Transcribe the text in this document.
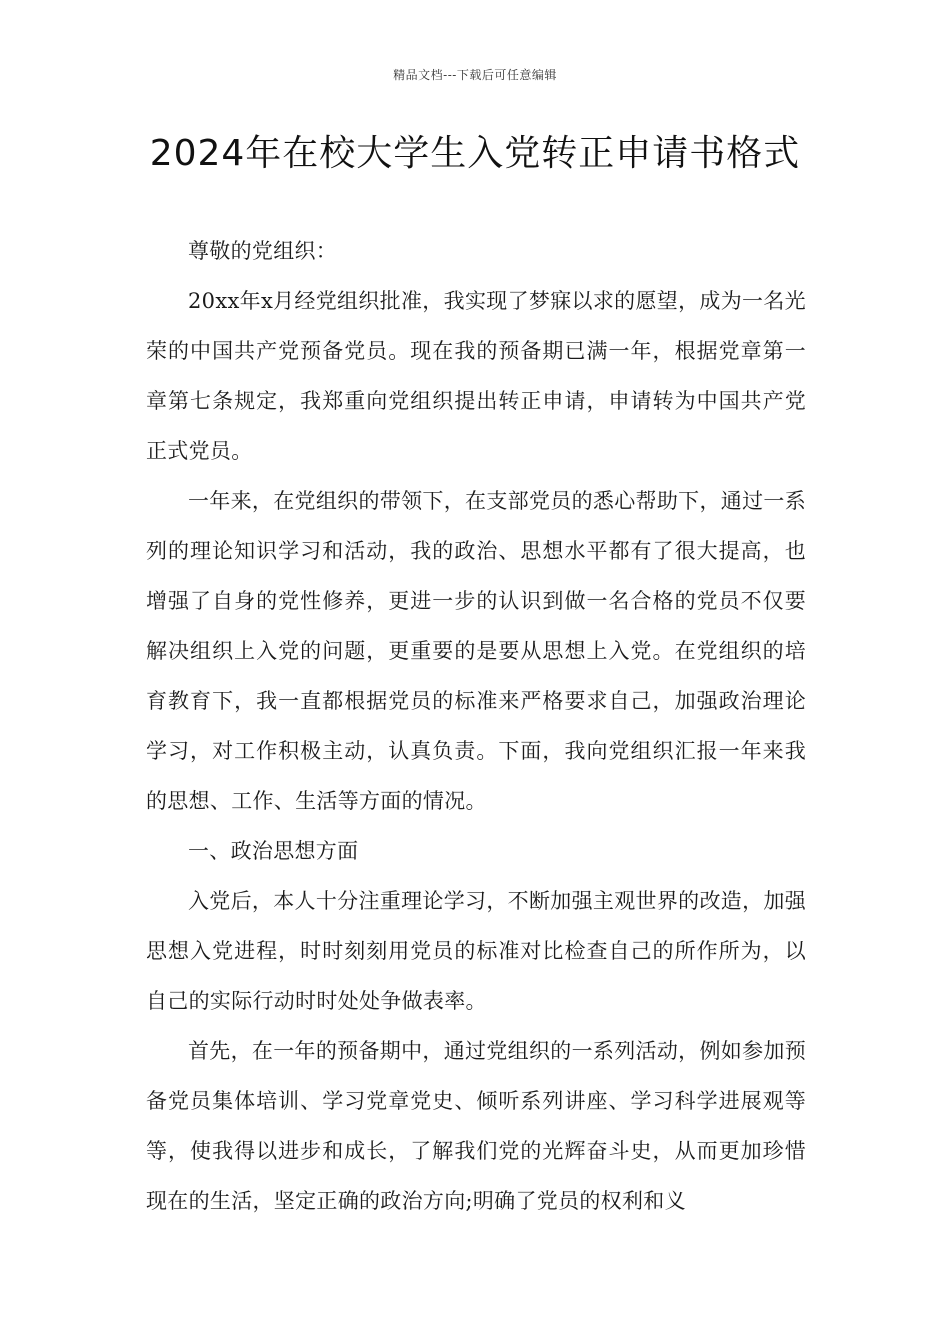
精品文档---下载后可任意编辑
2024年在校大学生入党转正申请书格式

尊敬的党组织：

20xx年x月经党组织批准，我实现了梦寐以求的愿望，成为一名光荣的中国共产党预备党员。现在我的预备期已满一年，根据党章第一章第七条规定，我郑重向党组织提出转正申请，申请转为中国共产党正式党员。

一年来，在党组织的带领下，在支部党员的悉心帮助下，通过一系列的理论知识学习和活动，我的政治、思想水平都有了很大提高，也增强了自身的党性修养，更进一步的认识到做一名合格的党员不仅要解决组织上入党的问题，更重要的是要从思想上入党。在党组织的培育教育下，我一直都根据党员的标准来严格要求自己，加强政治理论学习，对工作积极主动，认真负责。下面，我向党组织汇报一年来我的思想、工作、生活等方面的情况。

一、政治思想方面

入党后，本人十分注重理论学习，不断加强主观世界的改造，加强思想入党进程，时时刻刻用党员的标准对比检查自己的所作所为，以自己的实际行动时时处处争做表率。

首先，在一年的预备期中，通过党组织的一系列活动，例如参加预备党员集体培训、学习党章党史、倾听系列讲座、学习科学进展观等等，使我得以进步和成长，了解我们党的光辉奋斗史，从而更加珍惜现在的生活，坚定正确的政治方向;明确了党员的权利和义
